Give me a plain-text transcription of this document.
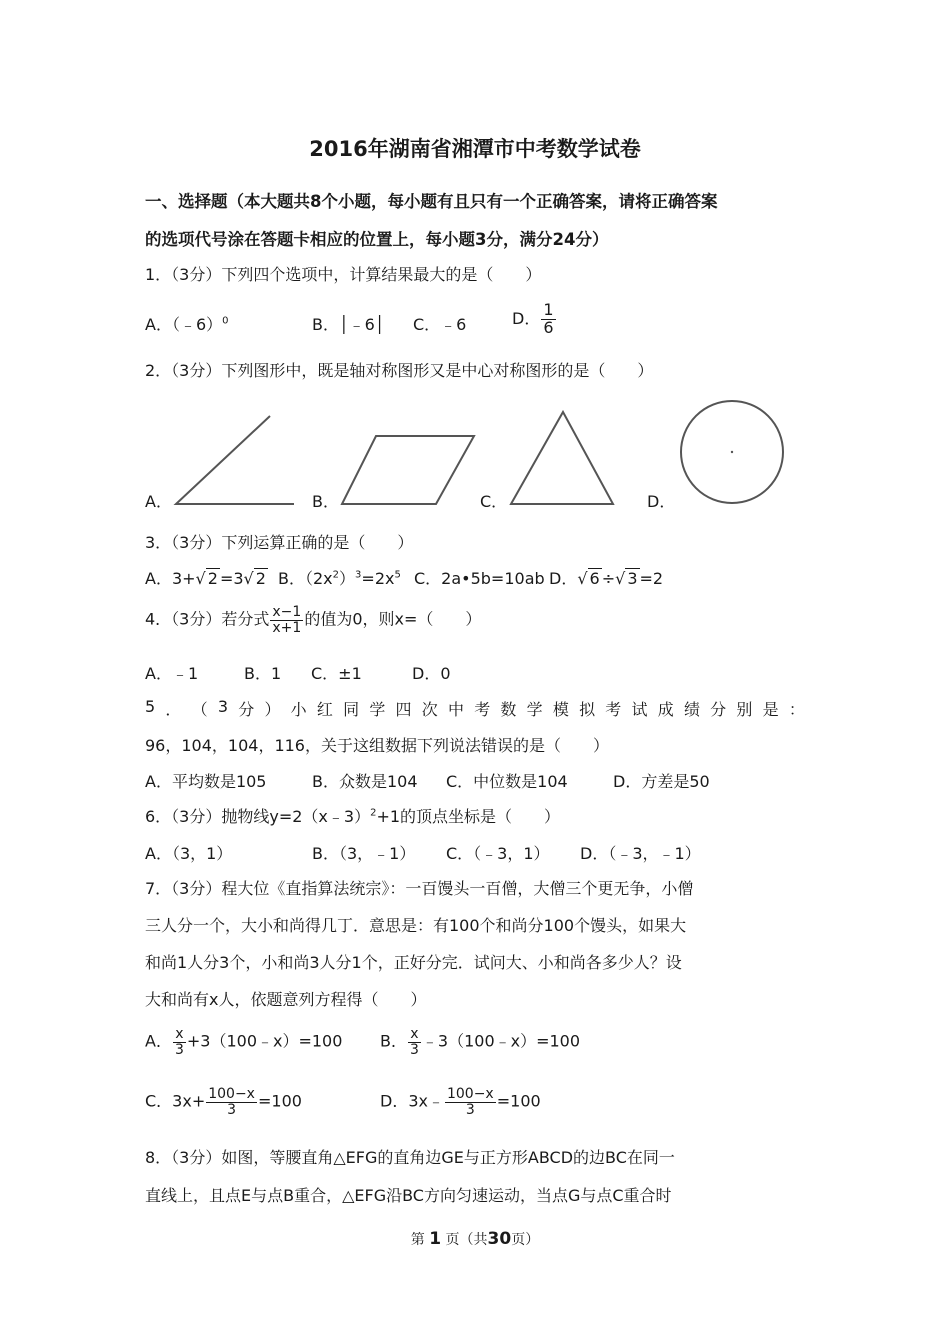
2016年湖南省湘潭市中考数学试卷
一、选择题（本大题共8个小题，每小题有且只有一个正确答案，请将正确答案
的选项代号涂在答题卡相应的位置上，每小题3分，满分24分）
1．（3分）下列四个选项中，计算结果最大的是（　　）
A．（﹣6）$^0$	B．│﹣6│ C．﹣6	D． $\frac{1}{6}$
2．（3分）下列图形中，既是轴对称图形又是中心对称图形的是（　　）
A．	B．	C．	D．
3．（3分）下列运算正确的是（　　）
A．3+√ 2 =3√ 2 B．$(2x^2)^3=2x^5$ C．2a•5b=10ab D．√ 6 ÷√ 3 =2
4．（3分）若分式 $\frac{x-1}{x+1}$ 的值为0，则x=（　　）
A．﹣1	B．1 C．±1	D．0
5 ． （ 3 分 ） 小 红 同 学 四 次 中 考 数 学 模 拟 考 试 成 绩 分 别 是 ：
96，104，104，116，关于这组数据下列说法错误的是（　　）
A．平均数是105	B．众数是104 C．中位数是104	D．方差是50
6．（3分）抛物线y=2（x﹣3）$^2$+1的顶点坐标是（　　）
A．（3，1）	B．（3，﹣1） C．（﹣3，1） D．（﹣3，﹣1）
7．（3分）程大位《直指算法统宗》：一百馒头一百僧，大僧三个更无争，小僧
三人分一个，大小和尚得几丁．意思是：有100个和尚分100个馒头，如果大
和尚1人分3个，小和尚3人分1个，正好分完．试问大、小和尚各多少人？设
大和尚有x人，依题意列方程得（　　）
A． $\frac{x}{3}$ +3（100﹣x）=100 B． $\frac{x}{3}$ ﹣3（100﹣x）=100
C．$3x+ \frac{100-x}{3} =100$	D．3x﹣ $\frac{100-x}{3} =100$
8．（3分）如图，等腰直角△EFG的直角边GE与正方形ABCD的边BC在同一
直线上，且点E与点B重合，△EFG沿BC方向匀速运动，当点G与点C重合时
第 1 页（共30页）
